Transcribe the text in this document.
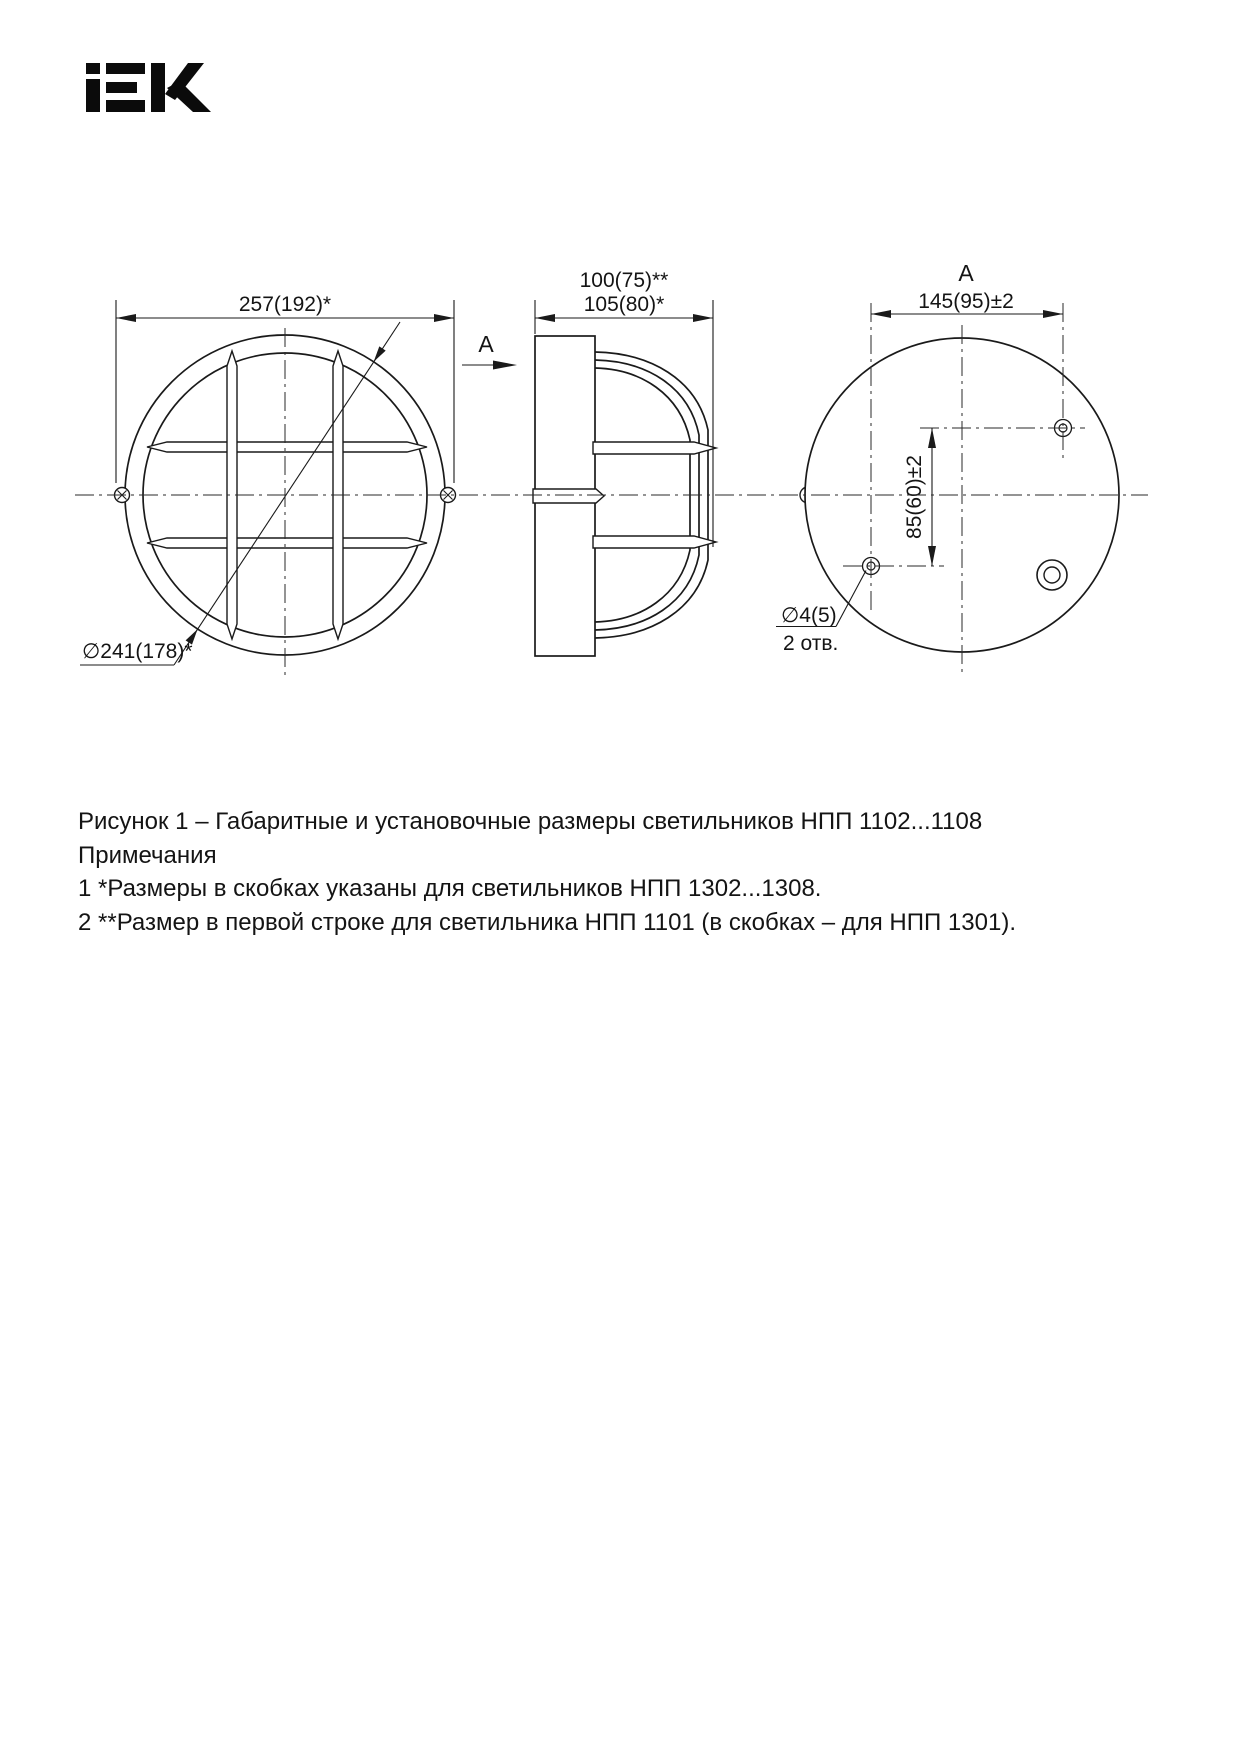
257(192)*
∅241(178)*
A
100(75)**
105(80)*
A
145(95)±2
85(60)±2
∅4(5)
2 отв.

Рисунок 1 – Габаритные и установочные размеры светильников НПП 1102...1108

Примечания

1 *Размеры в скобках указаны для светильников НПП 1302...1308.

2 **Размер в первой строке для светильника НПП 1101 (в скобках – для НПП 1301).
